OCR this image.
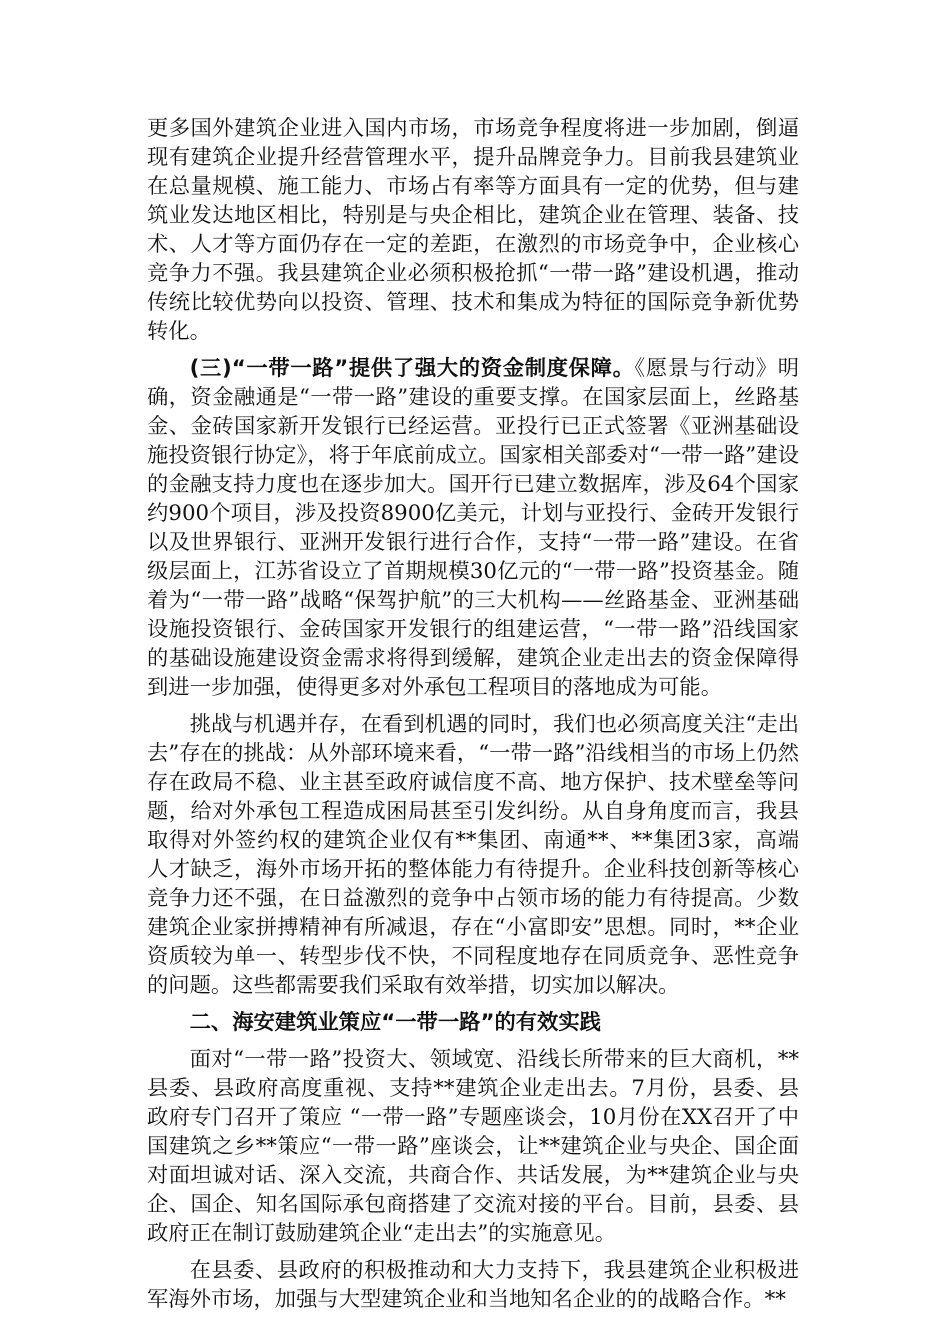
更多国外建筑企业进入国内市场，市场竞争程度将进一步加剧，倒逼现有建筑企业提升经营管理水平，提升品牌竞争力。目前我县建筑业在总量规模、施工能力、市场占有率等方面具有一定的优势，但与建筑业发达地区相比，特别是与央企相比，建筑企业在管理、装备、技术、人才等方面仍存在一定的差距，在激烈的市场竞争中，企业核心竞争力不强。我县建筑企业必须积极抢抓“一带一路”建设机遇，推动传统比较优势向以投资、管理、技术和集成为特征的国际竞争新优势转化。

(三)“一带一路”提供了强大的资金制度保障。《愿景与行动》明确，资金融通是“一带一路”建设的重要支撑。在国家层面上，丝路基金、金砖国家新开发银行已经运营。亚投行已正式签署《亚洲基础设施投资银行协定》，将于年底前成立。国家相关部委对“一带一路”建设的金融支持力度也在逐步加大。国开行已建立数据库，涉及64个国家约900个项目，涉及投资8900亿美元，计划与亚投行、金砖开发银行以及世界银行、亚洲开发银行进行合作，支持“一带一路”建设。在省级层面上，江苏省设立了首期规模30亿元的“一带一路”投资基金。随着为“一带一路”战略“保驾护航”的三大机构——丝路基金、亚洲基础设施投资银行、金砖国家开发银行的组建运营，“一带一路”沿线国家的基础设施建设资金需求将得到缓解，建筑企业走出去的资金保障得到进一步加强，使得更多对外承包工程项目的落地成为可能。

挑战与机遇并存，在看到机遇的同时，我们也必须高度关注“走出去”存在的挑战：从外部环境来看，“一带一路”沿线相当的市场上仍然存在政局不稳、业主甚至政府诚信度不高、地方保护、技术壁垒等问题，给对外承包工程造成困局甚至引发纠纷。从自身角度而言，我县取得对外签约权的建筑企业仅有**集团、南通**、**集团3家，高端人才缺乏，海外市场开拓的整体能力有待提升。企业科技创新等核心竞争力还不强，在日益激烈的竞争中占领市场的能力有待提高。少数建筑企业家拼搏精神有所减退，存在“小富即安”思想。同时，**企业资质较为单一、转型步伐不快，不同程度地存在同质竞争、恶性竞争的问题。这些都需要我们采取有效举措，切实加以解决。

二、海安建筑业策应“一带一路”的有效实践

面对“一带一路”投资大、领域宽、沿线长所带来的巨大商机，**县委、县政府高度重视、支持**建筑企业走出去。7月份，县委、县政府专门召开了策应 “一带一路”专题座谈会，10月份在XX召开了中国建筑之乡**策应“一带一路”座谈会，让**建筑企业与央企、国企面对面坦诚对话、深入交流，共商合作、共话发展，为**建筑企业与央企、国企、知名国际承包商搭建了交流对接的平台。目前，县委、县政府正在制订鼓励建筑企业“走出去”的实施意见。

在县委、县政府的积极推动和大力支持下，我县建筑企业积极进军海外市场，加强与大型建筑企业和当地知名企业的的战略合作。**
